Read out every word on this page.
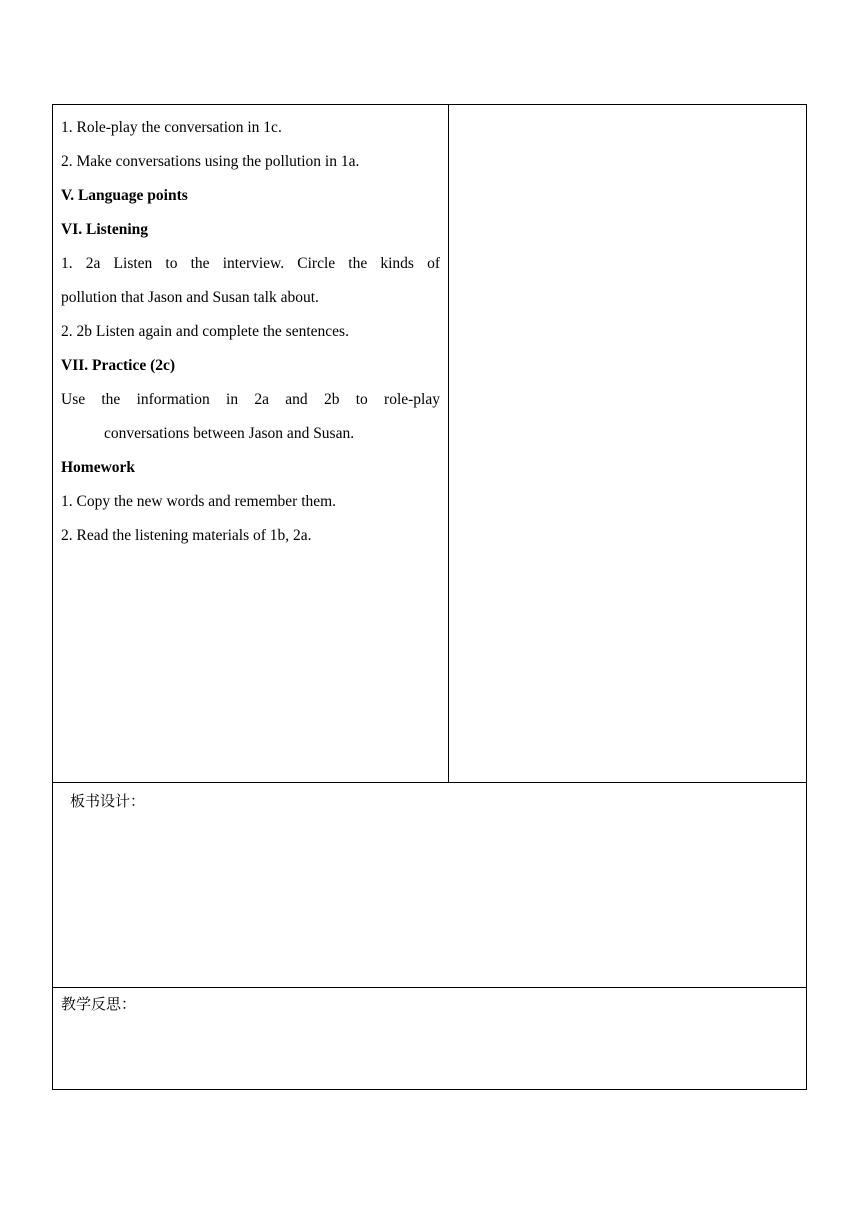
1. Role-play the conversation in 1c.
2. Make conversations using the pollution in 1a.
V. Language points
VI. Listening
1. 2a Listen to the interview. Circle the kinds of
pollution that Jason and Susan talk about.
2. 2b Listen again and complete the sentences.
VII. Practice (2c)
Use the information in 2a and 2b to role-play
conversations between Jason and Susan.
Homework
1. Copy the new words and remember them.
2. Read the listening materials of 1b, 2a.
板书设计：
教学反思：
